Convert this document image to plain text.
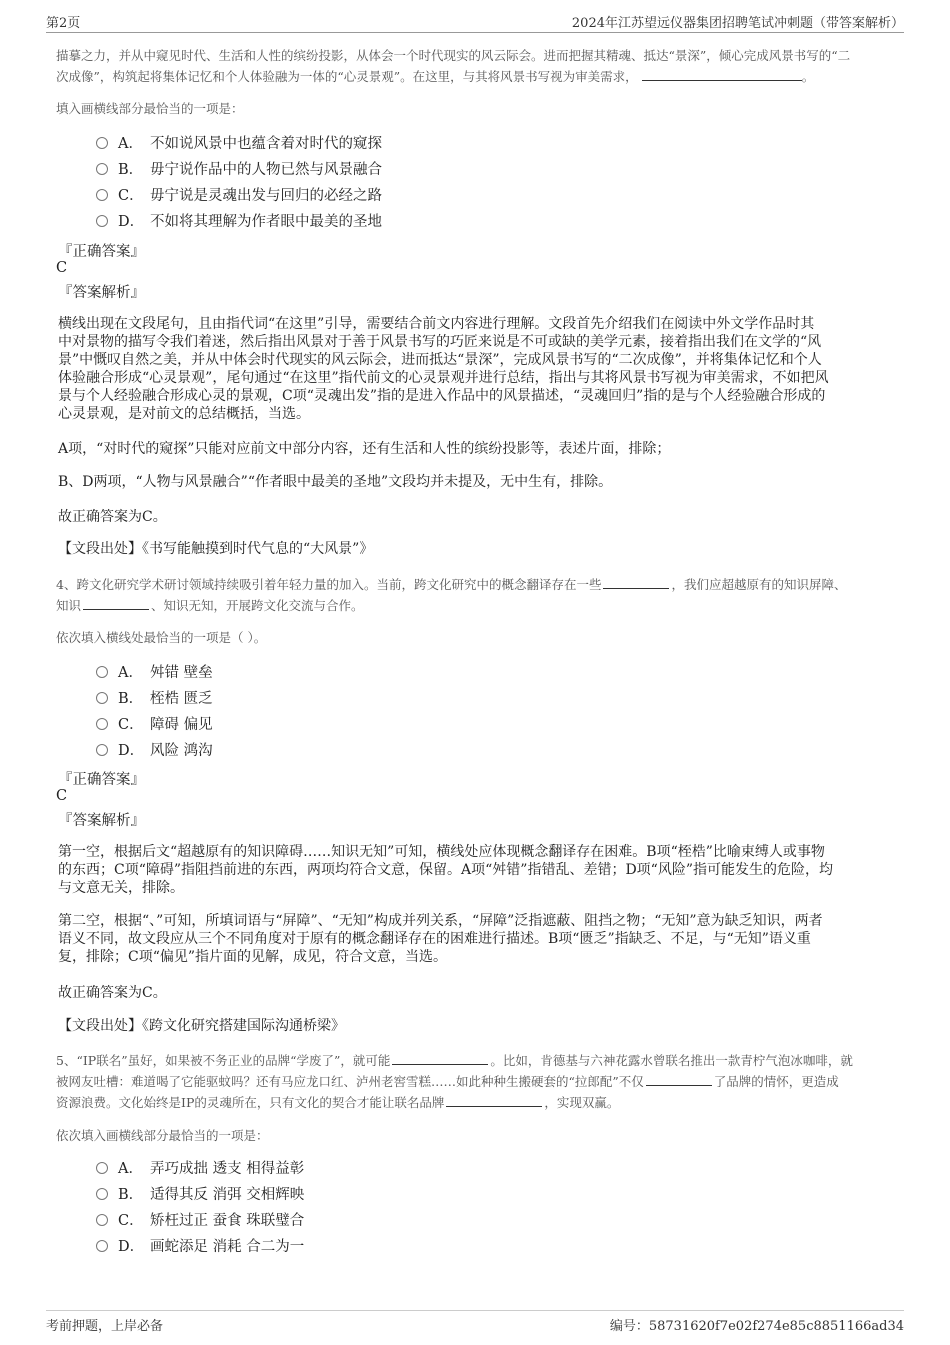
第2页	2024年江苏望远仪器集团招聘笔试冲刺题（带答案解析）
描摹之力，并从中窥见时代、生活和人性的缤纷投影，从体会一个时代现实的风云际会。进而把握其精魂、抵达“景深”，倾心完成风景书写的“二
次成像”，构筑起将集体记忆和个人体验融为一体的“心灵景观”。在这里，与其将风景书写视为审美需求，	。
填入画横线部分最恰当的一项是：
A． 不如说风景中也蕴含着对时代的窥探
B． 毋宁说作品中的人物已然与风景融合
C． 毋宁说是灵魂出发与回归的必经之路
D． 不如将其理解为作者眼中最美的圣地
『正确答案』
C
『答案解析』
横线出现在文段尾句，且由指代词“在这里”引导，需要结合前文内容进行理解。文段首先介绍我们在阅读中外文学作品时其
中对景物的描写令我们着迷，然后指出风景对于善于风景书写的巧匠来说是不可或缺的美学元素，接着指出我们在文学的“风
景”中慨叹自然之美，并从中体会时代现实的风云际会，进而抵达“景深”，完成风景书写的“二次成像”，并将集体记忆和个人
体验融合形成“心灵景观”，尾句通过“在这里”指代前文的心灵景观并进行总结，指出与其将风景书写视为审美需求，不如把风
景与个人经验融合形成心灵的景观，C项“灵魂出发”指的是进入作品中的风景描述，“灵魂回归”指的是与个人经验融合形成的
心灵景观，是对前文的总结概括，当选。
A项，“对时代的窥探”只能对应前文中部分内容，还有生活和人性的缤纷投影等，表述片面，排除；
B、D两项，“人物与风景融合”“作者眼中最美的圣地”文段均并未提及，无中生有，排除。
故正确答案为C。
【文段出处】《书写能触摸到时代气息的“大风景”》
4、跨文化研究学术研讨领域持续吸引着年轻力量的加入。当前，跨文化研究中的概念翻译存在一些	，我们应超越原有的知识屏障、
知识	、知识无知，开展跨文化交流与合作。
依次填入横线处最恰当的一项是（ ）。
A． 舛错 壁垒
B． 桎梏 匮乏
C． 障碍 偏见
D． 风险 鸿沟
『正确答案』
C
『答案解析』
第一空，根据后文“超越原有的知识障碍……知识无知”可知，横线处应体现概念翻译存在困难。B项“桎梏”比喻束缚人或事物
的东西；C项“障碍”指阻挡前进的东西，两项均符合文意，保留。A项“舛错”指错乱、差错；D项“风险”指可能发生的危险，均
与文意无关，排除。
第二空，根据“、”可知，所填词语与“屏障”、“无知”构成并列关系，“屏障”泛指遮蔽、阻挡之物；“无知”意为缺乏知识，两者
语义不同，故文段应从三个不同角度对于原有的概念翻译存在的困难进行描述。B项“匮乏”指缺乏、不足，与“无知”语义重
复，排除；C项“偏见”指片面的见解，成见，符合文意，当选。
故正确答案为C。
【文段出处】《跨文化研究搭建国际沟通桥梁》
5、“IP联名”虽好，如果被不务正业的品牌“学废了”，就可能	。比如，肯德基与六神花露水曾联名推出一款青柠气泡冰咖啡，就
被网友吐槽：难道喝了它能驱蚊吗？还有马应龙口红、泸州老窖雪糕……如此种种生搬硬套的“拉郎配”不仅	了品牌的情怀，更造成
资源浪费。文化始终是IP的灵魂所在，只有文化的契合才能让联名品牌	，实现双赢。
依次填入画横线部分最恰当的一项是：
A． 弄巧成拙 透支 相得益彰
B． 适得其反 消弭 交相辉映
C． 矫枉过正 蚕食 珠联璧合
D． 画蛇添足 消耗 合二为一
考前押题，上岸必备	编号：58731620f7e02f274e85c8851166ad34
